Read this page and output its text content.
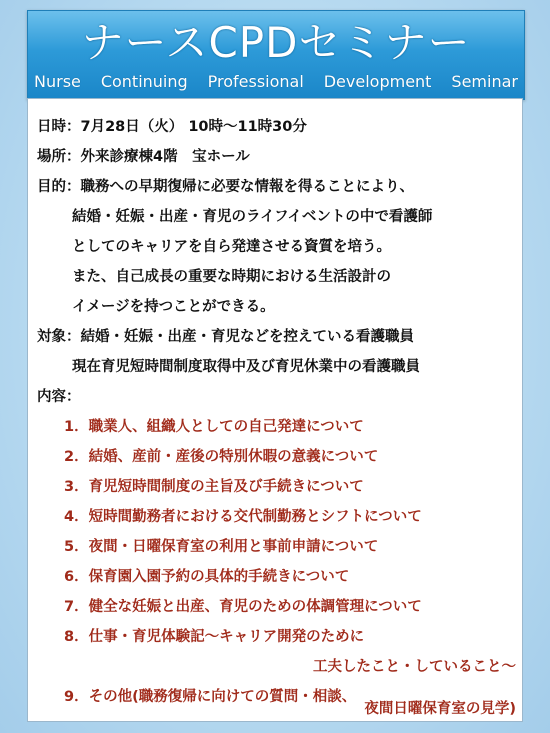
ナースCPDセミナー
Nurse Continuing Professional Development Seminar
日時：7月28日（火） 10時～11時30分
場所：外来診療棟4階　宝ホール
目的：職務への早期復帰に必要な情報を得ることにより、
結婚・妊娠・出産・育児のライフイベントの中で看護師
としてのキャリアを自ら発達させる資質を培う。
また、自己成長の重要な時期における生活設計の
イメージを持つことができる。
対象：結婚・妊娠・出産・育児などを控えている看護職員
現在育児短時間制度取得中及び育児休業中の看護職員
内容：
1．職業人、組織人としての自己発達について
2．結婚、産前・産後の特別休暇の意義について
3．育児短時間制度の主旨及び手続きについて
4．短時間勤務者における交代制勤務とシフトについて
5．夜間・日曜保育室の利用と事前申請について
6．保育園入園予約の具体的手続きについて
7．健全な妊娠と出産、育児のための体調管理について
8．仕事・育児体験記～キャリア開発のために
工夫したこと・していること～
9．その他(職務復帰に向けての質問・相談、
夜間日曜保育室の見学)
